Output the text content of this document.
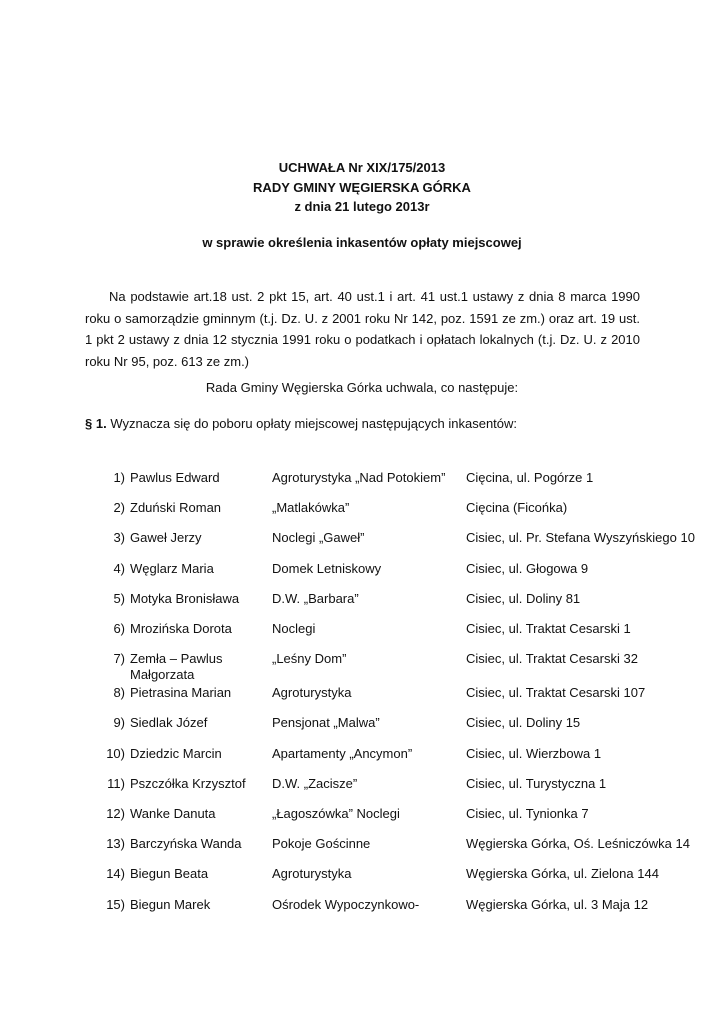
UCHWAŁA Nr XIX/175/2013
RADY GMINY WĘGIERSKA GÓRKA
z dnia 21 lutego 2013r
w sprawie określenia inkasentów opłaty miejscowej
Na podstawie art.18 ust. 2 pkt 15, art. 40 ust.1 i art. 41 ust.1 ustawy z dnia 8 marca 1990 roku o samorządzie gminnym (t.j. Dz. U. z 2001 roku Nr 142, poz. 1591 ze zm.) oraz art. 19 ust. 1 pkt 2 ustawy z dnia 12 stycznia 1991 roku o podatkach i opłatach lokalnych (t.j. Dz. U. z 2010 roku Nr 95, poz. 613 ze zm.)
Rada Gminy Węgierska Górka uchwala, co następuje:
§ 1. Wyznacza się do poboru opłaty miejscowej następujących inkasentów:
1) Pawlus Edward	Agroturystyka „Nad Potokiem”	Cięcina, ul. Pogórze 1
2) Zduński Roman	„Matlakówka”	Cięcina (Ficońka)
3) Gaweł Jerzy	Noclegi „Gaweł”	Cisiec, ul. Pr. Stefana Wyszyńskiego 10
4) Węglarz Maria	Domek Letniskowy	Cisiec, ul. Głogowa 9
5) Motyka Bronisława	D.W. „Barbara”	Cisiec, ul. Doliny 81
6) Mrozińska Dorota	Noclegi	Cisiec, ul. Traktat Cesarski 1
7) Zemła – Pawlus
Małgorzata
„Leśny Dom”	Cisiec, ul. Traktat Cesarski 32
8) Pietrasina Marian	Agroturystyka	Cisiec, ul. Traktat Cesarski 107
9) Siedlak Józef	Pensjonat „Malwa”	Cisiec, ul. Doliny 15
10) Dziedzic Marcin	Apartamenty „Ancymon”	Cisiec, ul. Wierzbowa 1
11) Pszczółka Krzysztof	D.W. „Zacisze”	Cisiec, ul. Turystyczna 1
12) Wanke Danuta	„Łagoszówka” Noclegi	Cisiec, ul. Tynionka 7
13) Barczyńska Wanda	Pokoje Gościnne	Węgierska Górka, Oś. Leśniczówka 14
14) Biegun Beata	Agroturystyka	Węgierska Górka, ul. Zielona 144
15) Biegun Marek	Ośrodek Wypoczynkowo-	Węgierska Górka, ul. 3 Maja 12
